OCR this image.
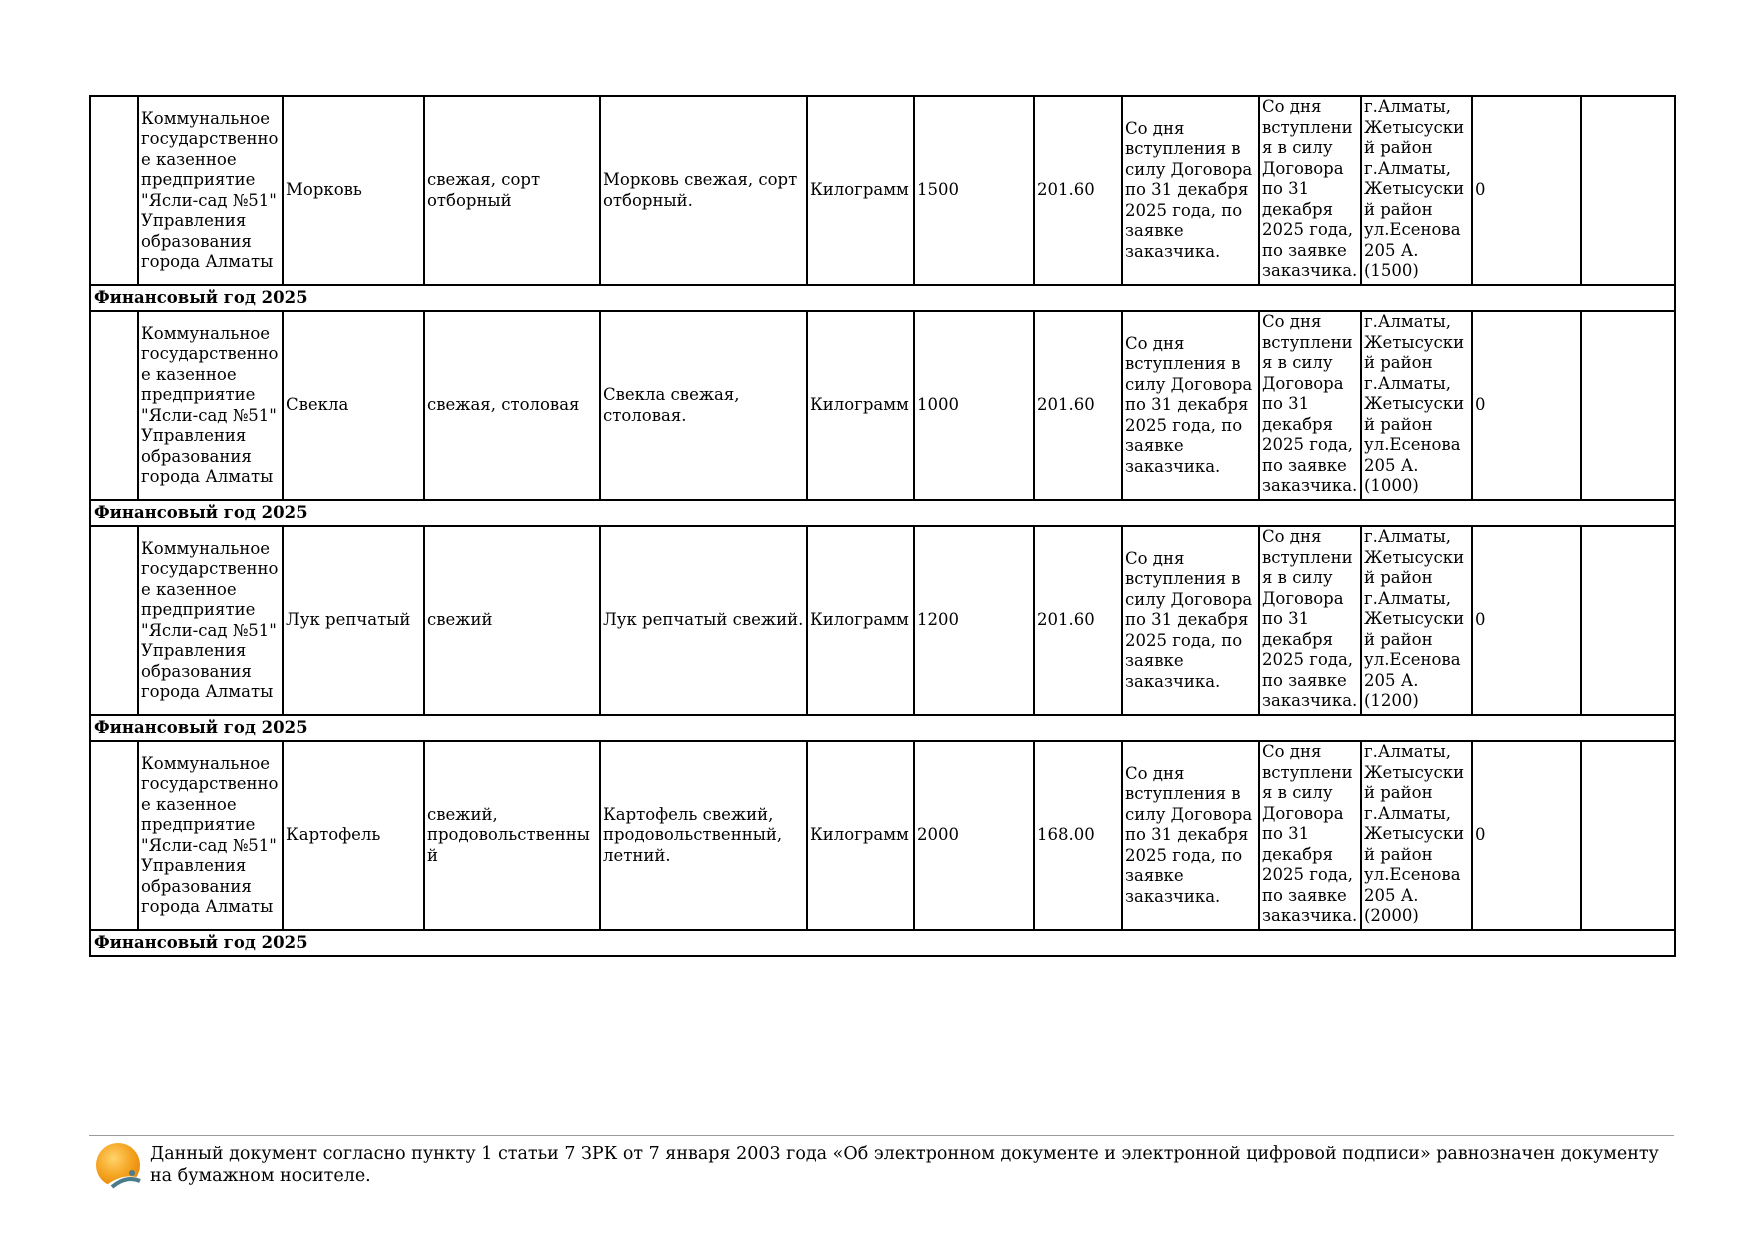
	Коммунальное государственное казенное предприятие "Ясли-сад №51" Управления образования города Алматы	Морковь	свежая, сорт отборный	Морковь свежая, сорт отборный.	Килограмм	1500	201.60	Со дня вступления в силу Договора по 31 декабря 2025 года, по заявке заказчика.	Со дня вступления в силу Договора по 31 декабря 2025 года, по заявке заказчика.	г.Алматы, Жетысуский район г.Алматы, Жетысуский район ул.Есенова 205 А. (1500)	0		
Финансовый год 2025													
	Коммунальное государственное казенное предприятие "Ясли-сад №51" Управления образования города Алматы	Свекла	свежая, столовая	Свекла свежая, столовая.	Килограмм	1000	201.60	Со дня вступления в силу Договора по 31 декабря 2025 года, по заявке заказчика.	Со дня вступления в силу Договора по 31 декабря 2025 года, по заявке заказчика.	г.Алматы, Жетысуский район г.Алматы, Жетысуский район ул.Есенова 205 А. (1000)	0		
Финансовый год 2025													
	Коммунальное государственное казенное предприятие "Ясли-сад №51" Управления образования города Алматы	Лук репчатый	свежий	Лук репчатый свежий.	Килограмм	1200	201.60	Со дня вступления в силу Договора по 31 декабря 2025 года, по заявке заказчика.	Со дня вступления в силу Договора по 31 декабря 2025 года, по заявке заказчика.	г.Алматы, Жетысуский район г.Алматы, Жетысуский район ул.Есенова 205 А. (1200)	0		
Финансовый год 2025													
	Коммунальное государственное казенное предприятие "Ясли-сад №51" Управления образования города Алматы	Картофель	свежий, продовольственный	Картофель свежий, продовольственный, летний.	Килограмм	2000	168.00	Со дня вступления в силу Договора по 31 декабря 2025 года, по заявке заказчика.	Со дня вступления в силу Договора по 31 декабря 2025 года, по заявке заказчика.	г.Алматы, Жетысуский район г.Алматы, Жетысуский район ул.Есенова 205 А. (2000)	0		
Финансовый год 2025													
Данный документ согласно пункту 1 статьи 7 ЗРК от 7 января 2003 года «Об электронном документе и электронной цифровой подписи» равнозначен документу на бумажном носителе.
